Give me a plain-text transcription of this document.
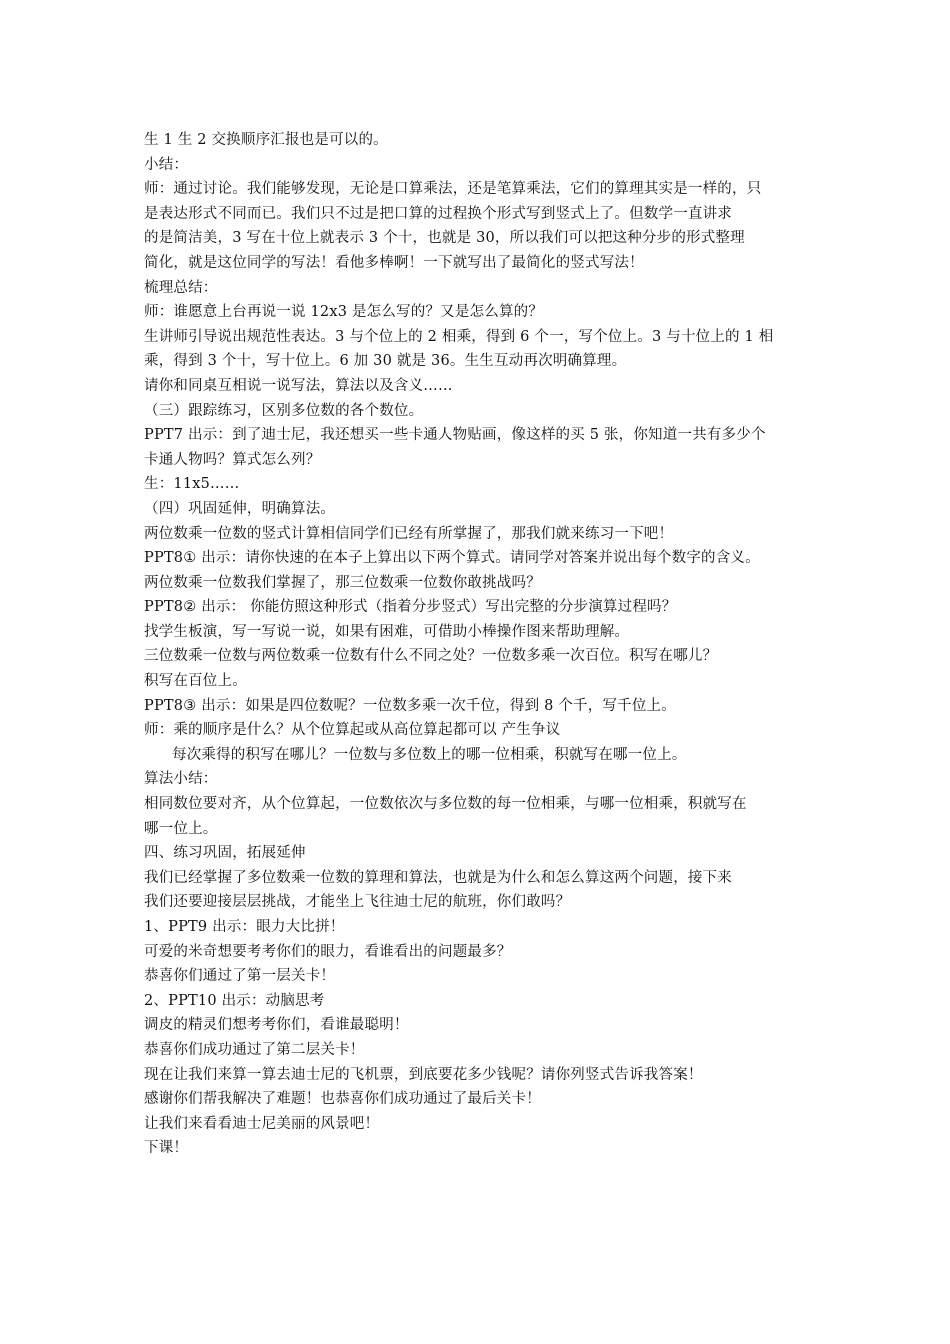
生 1 生 2 交换顺序汇报也是可以的。
小结：
师：通过讨论。我们能够发现，无论是口算乘法，还是笔算乘法，它们的算理其实是一样的，只
是表达形式不同而已。我们只不过是把口算的过程换个形式写到竖式上了。但数学一直讲求
的是简洁美，3 写在十位上就表示 3 个十，也就是 30，所以我们可以把这种分步的形式整理
简化，就是这位同学的写法！看他多棒啊！一下就写出了最简化的竖式写法！
梳理总结：
师：谁愿意上台再说一说 12x3 是怎么写的？又是怎么算的？
生讲师引导说出规范性表达。3 与个位上的 2 相乘，得到 6 个一，写个位上。3 与十位上的 1 相
乘，得到 3 个十，写十位上。6 加 30 就是 36。生生互动再次明确算理。
请你和同桌互相说一说写法，算法以及含义……
（三）跟踪练习，区别多位数的各个数位。
PPT7 出示：到了迪士尼，我还想买一些卡通人物贴画，像这样的买 5 张，你知道一共有多少个
卡通人物吗？算式怎么列？
生：11x5……
（四）巩固延伸，明确算法。
两位数乘一位数的竖式计算相信同学们已经有所掌握了，那我们就来练习一下吧！
PPT8① 出示：请你快速的在本子上算出以下两个算式。请同学对答案并说出每个数字的含义。
两位数乘一位数我们掌握了，那三位数乘一位数你敢挑战吗？
PPT8② 出示： 你能仿照这种形式（指着分步竖式）写出完整的分步演算过程吗？
找学生板演，写一写说一说，如果有困难，可借助小棒操作图来帮助理解。
三位数乘一位数与两位数乘一位数有什么不同之处？一位数多乘一次百位。积写在哪儿？
积写在百位上。
PPT8③ 出示：如果是四位数呢？一位数多乘一次千位，得到 8 个千，写千位上。
师：乘的顺序是什么？从个位算起或从高位算起都可以 产生争议
每次乘得的积写在哪儿？一位数与多位数上的哪一位相乘，积就写在哪一位上。
算法小结：
相同数位要对齐，从个位算起，一位数依次与多位数的每一位相乘，与哪一位相乘，积就写在
哪一位上。
四、练习巩固，拓展延伸
我们已经掌握了多位数乘一位数的算理和算法，也就是为什么和怎么算这两个问题，接下来
我们还要迎接层层挑战，才能坐上飞往迪士尼的航班，你们敢吗？
1、PPT9 出示：眼力大比拼！
可爱的米奇想要考考你们的眼力，看谁看出的问题最多？
恭喜你们通过了第一层关卡！
2、PPT10 出示：动脑思考
调皮的精灵们想考考你们，看谁最聪明！
恭喜你们成功通过了第二层关卡！
现在让我们来算一算去迪士尼的飞机票，到底要花多少钱呢？请你列竖式告诉我答案！
感谢你们帮我解决了难题！也恭喜你们成功通过了最后关卡！
让我们来看看迪士尼美丽的风景吧！
下课！
